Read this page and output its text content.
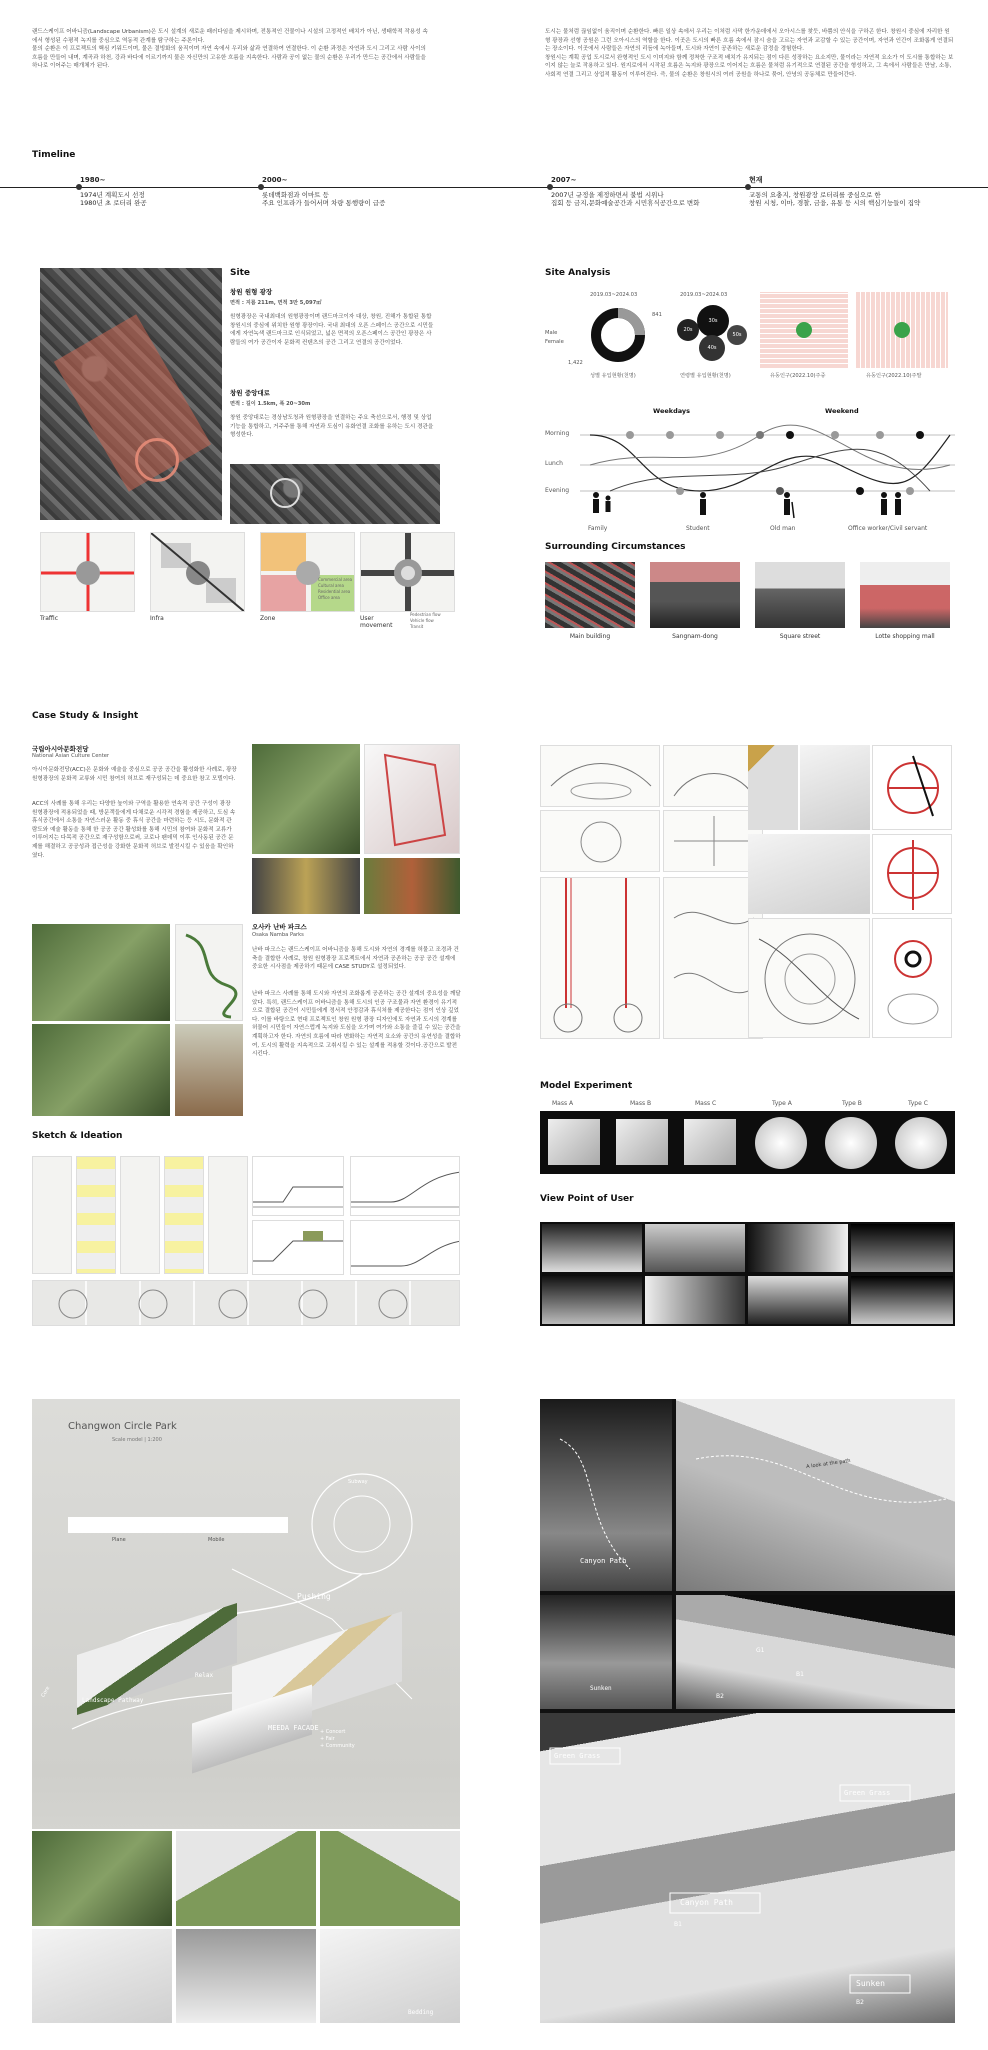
랜드스케이프 어바니즘(Landscape Urbanism)은 도시 설계의 새로운 패러다임을 제시하며, 전통적인 건물이나 시설의 고정적인 배치가 아닌, 생태학적 작용성 속에서 형성된 수평적 녹지를 중심으로 역동적 관계를 탐구하는 주론이다.
물의 순환은 이 프로젝트의 핵심 키워드이며, 물은 결빙화의 움직이며 자연 속에서 우리와 삶과 연결하여 연결한다. 이 순환 과정은 자연과 도시 그리고 사람 사이의 흐름을 만들어 내며, 계곡과 하천, 강과 바다에 이르기까지 물은 자신만의 고유한 흐름을 지속한다. 사람과 공이 없는 물의 순환은 우리가 만드는 공간에서 사람들을 하나로 이어주는 매개체가 된다.
도시는 물처럼 끊임없이 움직이며 순환한다. 빠른 일상 속에서 우리는 이처럼 사막 한가운데에서 오아시스를 찾듯, 바쁨의 안식을 구하곤 한다. 창원시 중심에 자리한 원형 광장과 선형 공원은 그런 오아시스의 역할을 한다. 이곳은 도시의 빠른 흐름 속에서 잠시 숨을 고르는 자연과 교감할 수 있는 공간이며, 자연과 인간이 조화롭게 연결되는 장소이다. 이곳에서 사람들은 자연의 리듬에 녹아들며, 도시와 자연이 공존하는 새로운 감정을 경험한다.
창원시는 계획 공업 도시로서 완형적인 도시 이미지와 함께 정착한 구조적 배치가 유지되는 점이 다른 성장하는 요소지만, 물이라는 자연적 요소가 이 도시를 통합하는 보이지 않는 늘로 작용하고 있다. 원지로에서 시작된 흐름은 녹지와 광장으로 이어지는 흐름은 물처럼 유기적으로 연결된 공간을 형성하고, 그 속에서 사람들은 만남, 소통, 사회적 연결 그리고 상업적 활동이 이루어진다. 즉, 물의 순환은 창원시의 여러 공원을 하나로 묶어, 안녕의 공동체로 만들어간다.
Timeline
1980~
1974년 계획도시 선정
1980년 초 로터리 완공
2000~
롯데백화점과 이마트 등
주요 인프라가 들어서며 차량 통행량이 급증
2007~
2007년 규정을 제정하면서 불법 시위나
집회 등 금지,문화예술공간과 시민휴식공간으로 변화
현재
교통의 요충지, 창원광장 로터리를 중심으로 한
창원 시청, 이마, 경찰, 금융, 유통 등 시의 핵심기능들이 집약
Site
창원 원형 광장
면적 : 지름 211m, 면적 3만 5,097㎡
원형광장은 국내최대의 원형광장이며 랜드마크이자 대상, 창원, 진해가 통합된 통합창원시의 중심에 위치한 원형 광장이다. 국내 최대의 오픈 스페이스 공간으로 시민들에게 자연녹색 랜드마크로 인식되었고, 넓은 면적의 오픈스페이스 공간인 광장은 사람들의 여가 공간이자 문화적 컨텐츠의 공간 그리고 연결의 공간이었다.
창원 중앙대로
면적 : 길이 1.5km, 폭 20~30m
창원 중앙대로는 경상남도청과 원형광장을 연결하는 주요 축선으로서, 행정 및 상업 기능을 통합하고, 거주주를 통해 자연과 도심이 유화연결 조화를 유하는 도시 경관을 형성한다.
Traffic	Infra	Zone	User movement
Commercial area
Cultural area
Residential area
Office area
Pedestrian flow
Vehicle flow
Transit
Site Analysis
2019.03~2024.03
Male
Female
841
1,422
2019.03~2024.03
20s
30s
40s
50s
성별 유입현황(천명)	연령별 유입현황(천명)	유동인구(2022.10)주중	유동인구(2022.10)주말
Weekdays	Weekend
Morning
Lunch
Evening
Family	Student	Old man	Office worker/Civil servant
Surrounding Circumstances
Main building	Sangnam-dong	Square street	Lotte shopping mall
Case Study & Insight
국립아시아문화전당
National Asian Culture Center
아시아문화전당(ACC)은 문화와 예술을 중심으로 공공 공간을 활성화한 사례로, 광장 원형광장의 문화적 교류와 시민 참여의 허브로 재구성되는 데 중요한 참고 모델이다.
ACC의 사례를 통해 우리는 다양한 높이와 구역을 활용한 연속적 공간 구성이 광장 원형광장에 적용되었을 때, 방문객들에게 다채로운 시각적 경험을 제공하고, 도심 속 휴식공간에서 소통을 자연스러운 활동 중 휴식 공간을 마련하는 등 시도, 문화적 관람도와 예술 활동을 통해 한 공공 공간 활성화를 통해 시민의 참여와 문화적 교류가 이루어지는 다목적 공간으로 재구성함으로써, 코로나 팬데믹 이후 인사동된 공간 문제를 해결하고 공공성과 접근성을 강화한 문화적 허브로 발전시킬 수 있음을 확인하였다.
오사카 난바 파크스
Osaka Namba Parks
난바 파크스는 랜드스케이프 어바니즘을 통해 도시와 자연의 경계를 허물고 조경과 건축을 결합한 사례로, 창원 원형광장 프로젝트에서 자연과 공존하는 공공 공간 설계에 중요한 시사점을 제공하기 때문에 CASE STUDY로 설정되었다.
난바 파크스 사례를 통해 도시와 자연의 조화롭게 공존하는 공간 설계의 중요성을 깨달았다. 특히, 랜드스케이프 어바니즘을 통해 도시의 인공 구조물과 자연 환경이 유기적으로 결합된 공간이 시민들에게 정서적 안정감과 휴식처를 제공한다는 점이 인상 깊었다. 이를 바탕으로 현대 프로젝트인 창원 원형 광장 디자인에도 자연과 도시의 경계를 허물어 시민들이 자연스럽게 녹지와 도심을 오가며 여가와 소통을 즐길 수 있는 공간을 계획하고자 한다. 자연의 흐름에 따라 변화하는 자연적 요소와 공간의 유연성을 결합하여, 도시의 활력을 지속적으로 고취시킬 수 있는 설계를 적용할 것이다.공간으로 발전시킨다.
Sketch & Ideation
Model Experiment
Mass A	Mass B	Mass C	Type A	Type B	Type C
View Point of User
Changwon Circle Park
Scale model | 1:200
Plane	Mobile
Pushing
Landscape Pathway
Relax
MEEDA FACADE + Concert
+ Fair
+ Community
Core
Subway
Bedding
Canyon Path
A look at the path
Sunken
G1
B1
B2
Green Grass
Green Grass
Canyon Path
B1
Sunken
B2
